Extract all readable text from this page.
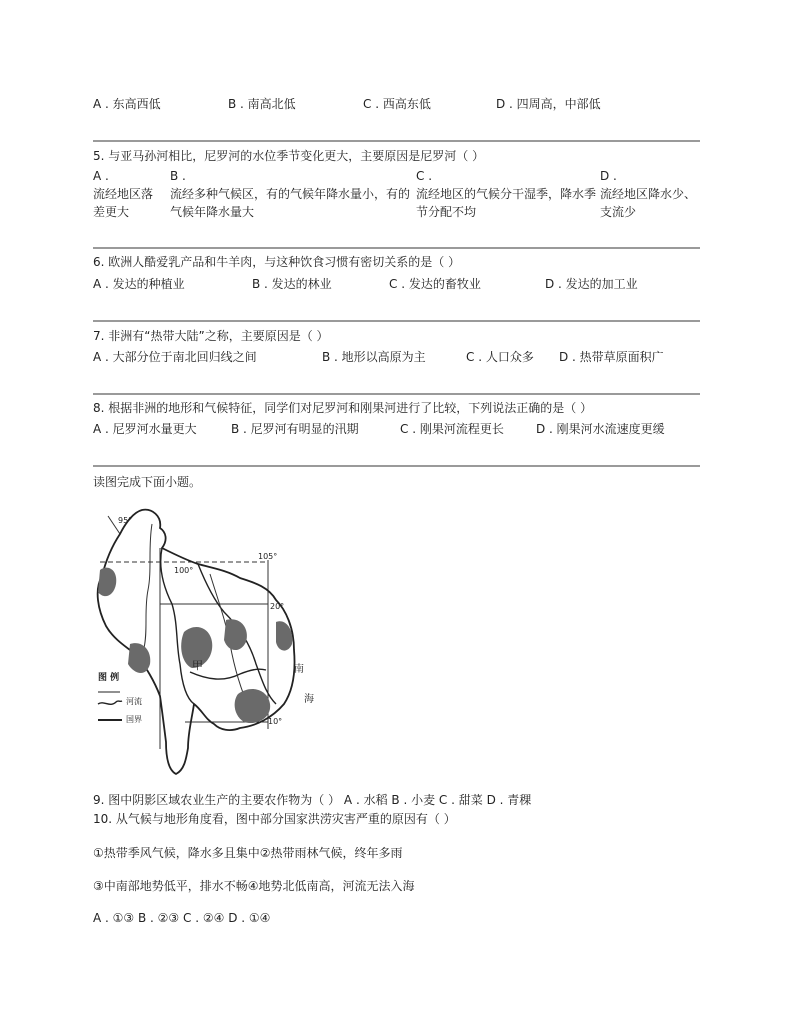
A . 东高西低	B . 南高北低	C . 西高东低	D . 四周高，中部低
5. 与亚马孙河相比，尼罗河的水位季节变化更大，主要原因是尼罗河（ ）
A .
流经地区落差更大
B .
流经多种气候区，有的气候年降水量小，有的气候年降水量大
C .
流经地区的气候分干湿季，降水季节分配不均
D .
流经地区降水少、支流少
6. 欧洲人酷爱乳产品和牛羊肉，与这种饮食习惯有密切关系的是（ ）
A . 发达的种植业	B . 发达的林业	C . 发达的畜牧业	D . 发达的加工业
7. 非洲有“热带大陆”之称，主要原因是（ ）
A . 大部分位于南北回归线之间	B . 地形以高原为主	C . 人口众多 D . 热带草原面积广
8. 根据非洲的地形和气候特征，同学们对尼罗河和刚果河进行了比较，下列说法正确的是（ ）
A . 尼罗河水量更大	B . 尼罗河有明显的汛期	C . 刚果河流程更长	D . 刚果河水流速度更缓
读图完成下面小题。
95°
100°
105°
20°
10°
甲	南
海
图 例
河流
国界
9. 图中阴影区域农业生产的主要农作物为（ ） A . 水稻 B . 小麦 C . 甜菜 D . 青稞
10. 从气候与地形角度看，图中部分国家洪涝灾害严重的原因有（ ）
①热带季风气候，降水多且集中②热带雨林气候，终年多雨
③中南部地势低平，排水不畅④地势北低南高，河流无法入海
A . ①③ B . ②③ C . ②④ D . ①④
